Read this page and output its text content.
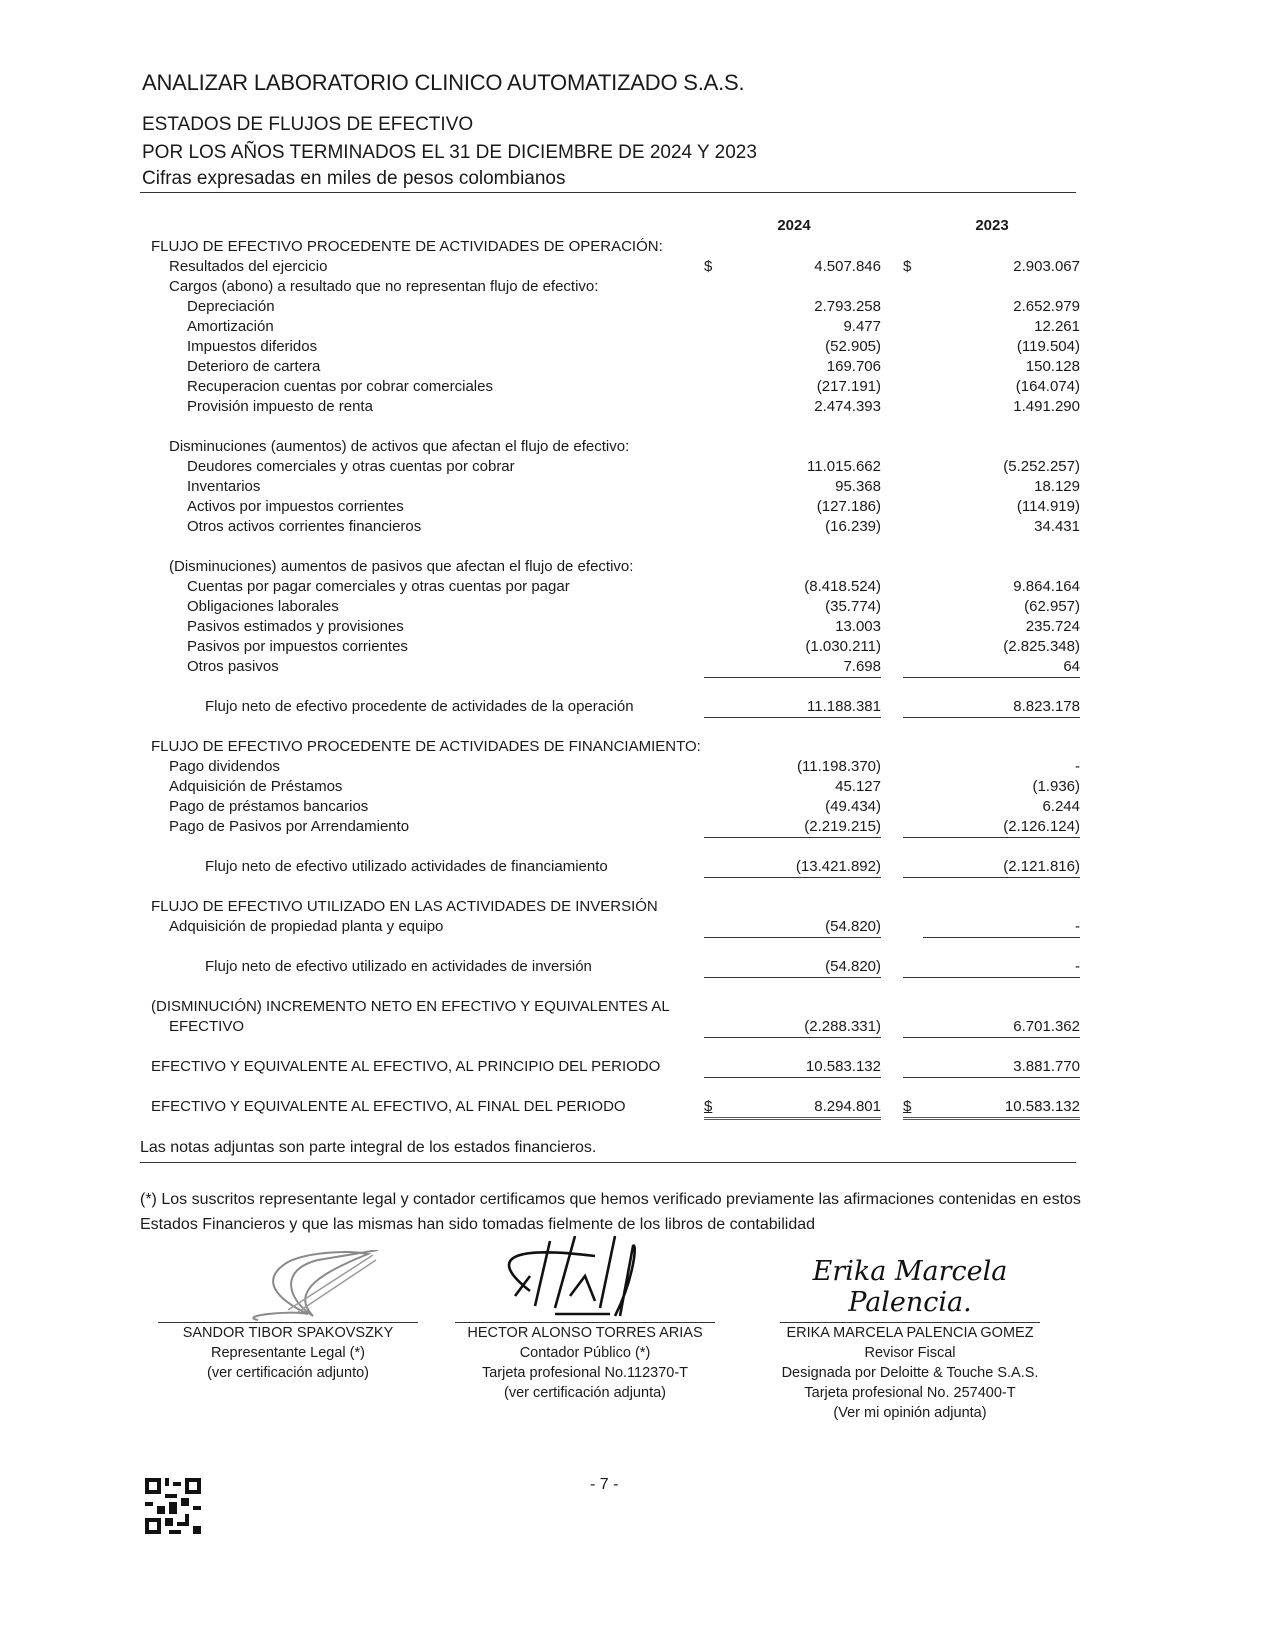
ANALIZAR LABORATORIO CLINICO AUTOMATIZADO S.A.S.
ESTADOS DE FLUJOS DE EFECTIVO
POR LOS AÑOS TERMINADOS EL 31 DE DICIEMBRE DE 2024 Y 2023
Cifras expresadas en miles de pesos colombianos
2024	2023
FLUJO DE EFECTIVO PROCEDENTE DE ACTIVIDADES DE OPERACIÓN:
Resultados del ejercicio	$	4.507.846 $	2.903.067
Cargos (abono) a resultado que no representan flujo de efectivo:
Depreciación	2.793.258	2.652.979
Amortización	9.477	12.261
Impuestos diferidos	(52.905)	(119.504)
Deterioro de cartera	169.706	150.128
Recuperacion cuentas por cobrar comerciales	(217.191)	(164.074)
Provisión impuesto de renta	2.474.393	1.491.290
Disminuciones (aumentos) de activos que afectan el flujo de efectivo:
Deudores comerciales y otras cuentas por cobrar	11.015.662	(5.252.257)
Inventarios	95.368	18.129
Activos por impuestos corrientes	(127.186)	(114.919)
Otros activos corrientes financieros	(16.239)	34.431
(Disminuciones) aumentos de pasivos que afectan el flujo de efectivo:
Cuentas por pagar comerciales y otras cuentas por pagar	(8.418.524)	9.864.164
Obligaciones laborales	(35.774)	(62.957)
Pasivos estimados y provisiones	13.003	235.724
Pasivos por impuestos corrientes	(1.030.211)	(2.825.348)
Otros pasivos	7.698	64
Flujo neto de efectivo procedente de actividades de la operación	11.188.381	8.823.178
FLUJO DE EFECTIVO PROCEDENTE DE ACTIVIDADES DE FINANCIAMIENTO:
Pago dividendos	(11.198.370)	-
Adquisición de Préstamos	45.127	(1.936)
Pago de préstamos bancarios	(49.434)	6.244
Pago de Pasivos por Arrendamiento	(2.219.215)	(2.126.124)
Flujo neto de efectivo utilizado actividades de financiamiento	(13.421.892)	(2.121.816)
FLUJO DE EFECTIVO UTILIZADO EN LAS ACTIVIDADES DE INVERSIÓN
Adquisición de propiedad planta y equipo	(54.820)	-
Flujo neto de efectivo utilizado en actividades de inversión	(54.820)	-
(DISMINUCIÓN) INCREMENTO NETO EN EFECTIVO Y EQUIVALENTES AL
EFECTIVO	(2.288.331)	6.701.362
EFECTIVO Y EQUIVALENTE AL EFECTIVO, AL PRINCIPIO DEL PERIODO	10.583.132	3.881.770
EFECTIVO Y EQUIVALENTE AL EFECTIVO, AL FINAL DEL PERIODO	$	8.294.801 $	10.583.132
Las notas adjuntas son parte integral de los estados financieros.
(*) Los suscritos representante legal y contador certificamos que hemos verificado previamente las afirmaciones contenidas en estos Estados Financieros y que las mismas han sido tomadas fielmente de los libros de contabilidad
SANDOR TIBOR SPAKOVSZKY
Representante Legal (*)
(ver certificación adjunto)
HECTOR ALONSO TORRES ARIAS
Contador Público (*)
Tarjeta profesional No.112370-T
(ver certificación adjunta)
Erika Marcela Palencia.
ERIKA MARCELA PALENCIA GOMEZ
Revisor Fiscal
Designada por Deloitte & Touche S.A.S.
Tarjeta profesional No. 257400-T
(Ver mi opinión adjunta)
- 7 -
